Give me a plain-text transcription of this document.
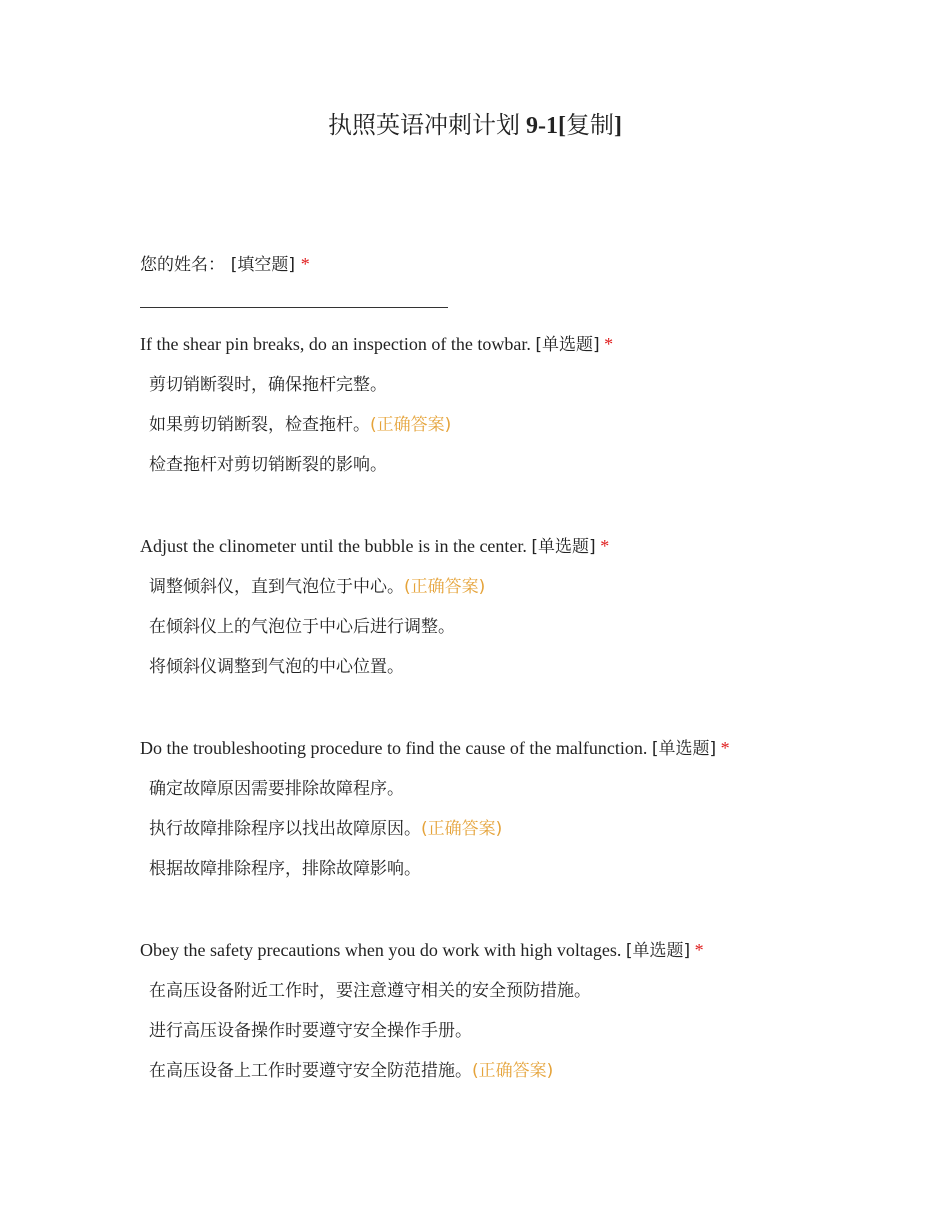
执照英语冲刺计划 9-1[复制]
您的姓名： [填空题] *
If the shear pin breaks, do an inspection of the towbar. [单选题] *
剪切销断裂时，确保拖杆完整。
如果剪切销断裂，检查拖杆。(正确答案)
检查拖杆对剪切销断裂的影响。
Adjust the clinometer until the bubble is in the center. [单选题] *
调整倾斜仪，直到气泡位于中心。(正确答案)
在倾斜仪上的气泡位于中心后进行调整。
将倾斜仪调整到气泡的中心位置。
Do the troubleshooting procedure to find the cause of the malfunction. [单选题] *
确定故障原因需要排除故障程序。
执行故障排除程序以找出故障原因。(正确答案)
根据故障排除程序，排除故障影响。
Obey the safety precautions when you do work with high voltages. [单选题] *
在高压设备附近工作时，要注意遵守相关的安全预防措施。
进行高压设备操作时要遵守安全操作手册。
在高压设备上工作时要遵守安全防范措施。(正确答案)
